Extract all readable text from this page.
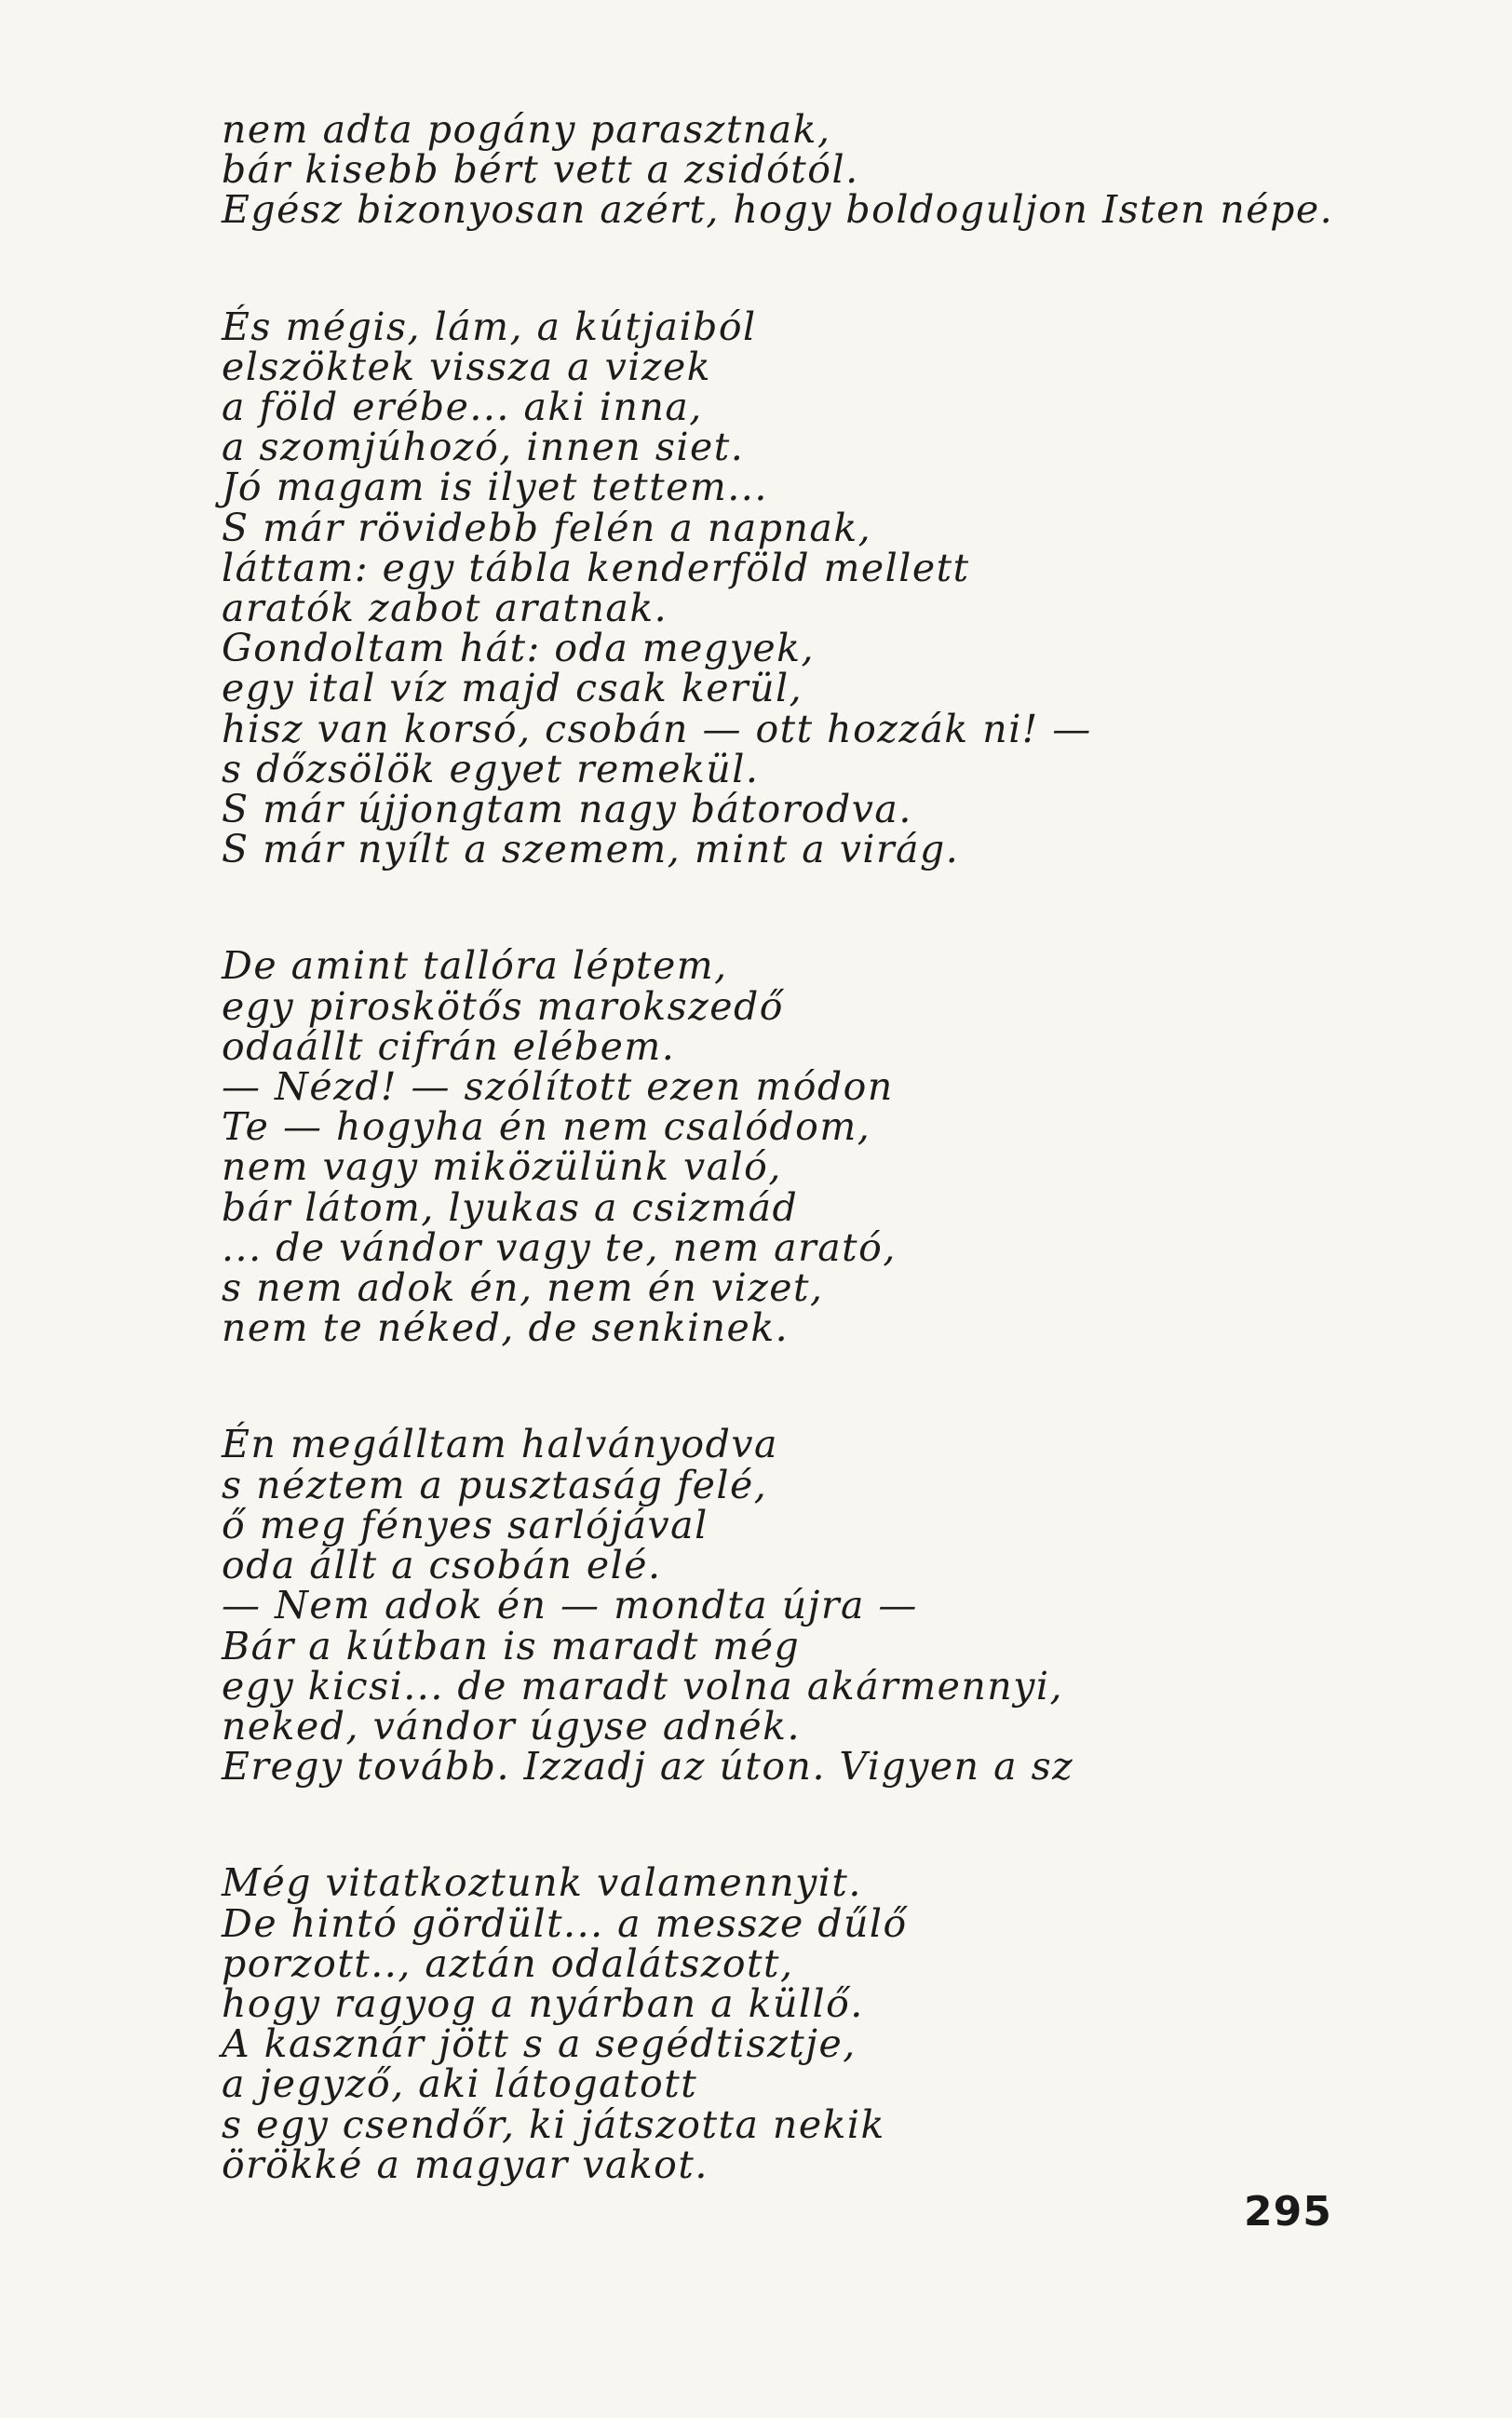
nem adta pogány parasztnak,
bár kisebb bért vett a zsidótól.
Egész bizonyosan azért, hogy boldoguljon Isten népe.
És mégis, lám, a kútjaiból
elszöktek vissza a vizek
a föld erébe... aki inna,
a szomjúhozó, innen siet.
Jó magam is ilyet tettem...
S már rövidebb felén a napnak,
láttam: egy tábla kenderföld mellett
aratók zabot aratnak.
Gondoltam hát: oda megyek,
egy ital víz majd csak kerül,
hisz van korsó, csobán — ott hozzák ni! —
s dőzsölök egyet remekül.
S már újjongtam nagy bátorodva.
S már nyílt a szemem, mint a virág.
De amint tallóra léptem,
egy piroskötős marokszedő
odaállt cifrán elébem.
— Nézd! — szólított ezen módon
Te — hogyha én nem csalódom,
nem vagy miközülünk való,
bár látom, lyukas a csizmád
... de vándor vagy te, nem arató,
s nem adok én, nem én vizet,
nem te néked, de senkinek.
Én megálltam halványodva
s néztem a pusztaság felé,
ő meg fényes sarlójával
oda állt a csobán elé.
— Nem adok én — mondta újra —
Bár a kútban is maradt még
egy kicsi... de maradt volna akármennyi,
neked, vándor úgyse adnék.
Eregy tovább. Izzadj az úton. Vigyen a sz
Még vitatkoztunk valamennyit.
De hintó gördült... a messze dűlő
porzott.., aztán odalátszott,
hogy ragyog a nyárban a küllő.
A kasznár jött s a segédtisztje,
a jegyző, aki látogatott
s egy csendőr, ki játszotta nekik
örökké a magyar vakot.
295
